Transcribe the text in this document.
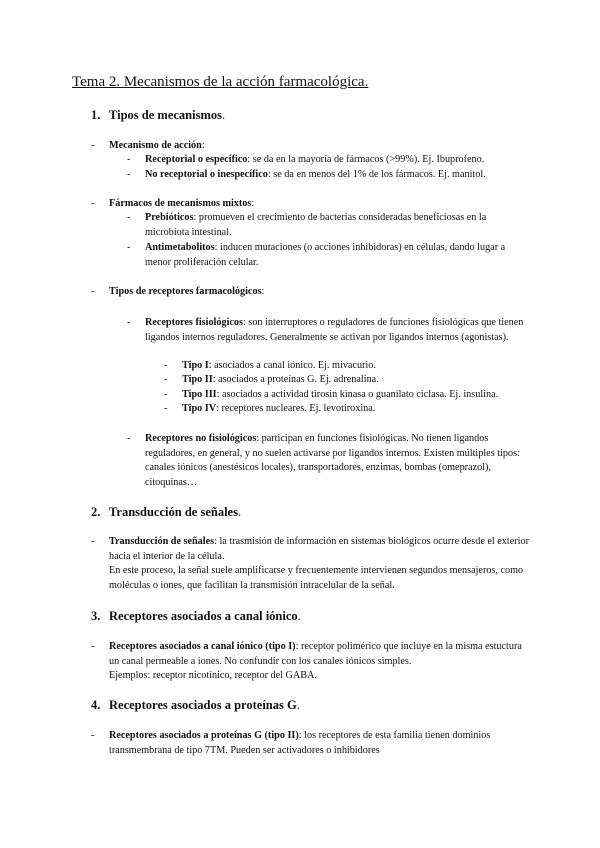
Tema 2. Mecanismos de la acción farmacológica.
1. Tipos de mecanismos.
- Mecanismo de acción:
- Receptorial o específico: se da en la mayoría de fármacos (>99%). Ej. Ibuprofeno.
- No receptorial o inespecífico: se da en menos del 1% de los fármacos. Ej. manitol.
- Fármacos de mecanismos mixtos:
- Prebióticos: promueven el crecimiento de bacterias consideradas beneficiosas en la microbiota intestinal.
- Antimetabolitos: inducen mutaciones (o acciones inhibidoras) en células, dando lugar a menor proliferación celular.
- Tipos de receptores farmacológicos:
- Receptores fisiológicos: son interruptores o reguladores de funciones fisiológicas que tienen ligandos internos reguladores. Generalmente se activan por ligandos internos (agonistas).
- Tipo I: asociados a canal iónico. Ej. mivacurio.
- Tipo II: asociados a proteínas G. Ej. adrenalina.
- Tipo III: asociados a actividad tirosin kinasa o guanilato ciclasa. Ej. insulina.
- Tipo IV: receptores nucleares. Ej. levotiroxina.
- Receptores no fisiológicos: participan en funciones fisiológicas. No tienen ligandos reguladores, en general, y no suelen activarse por ligandos internos. Existen múltiples tipos: canales iónicos (anestésicos locales), transportadores, enzimas, bombas (omeprazol), citoquinas…
2. Transducción de señales.
- Transducción de señales: la trasmisión de información en sistemas biológicos ocurre desde el exterior hacia el interior de la célula.
En este proceso, la señal suele amplificarse y frecuentemente intervienen segundos mensajeros, como moléculas o iones, que facilitan la transmisión intracelular de la señal.
3. Receptores asociados a canal iónico.
- Receptores asociados a canal iónico (tipo I): receptor polimérico que incluye en la misma estuctura un canal permeable a iones. No confundir con los canales iónicos simples.
Ejemplos: receptor nicotínico, receptor del GABA.
4. Receptores asociados a proteínas G.
- Receptores asociados a proteínas G (tipo II): los receptores de esta familia tienen dominios transmembrana de tipo 7TM. Pueden ser activadores o inhibidores
